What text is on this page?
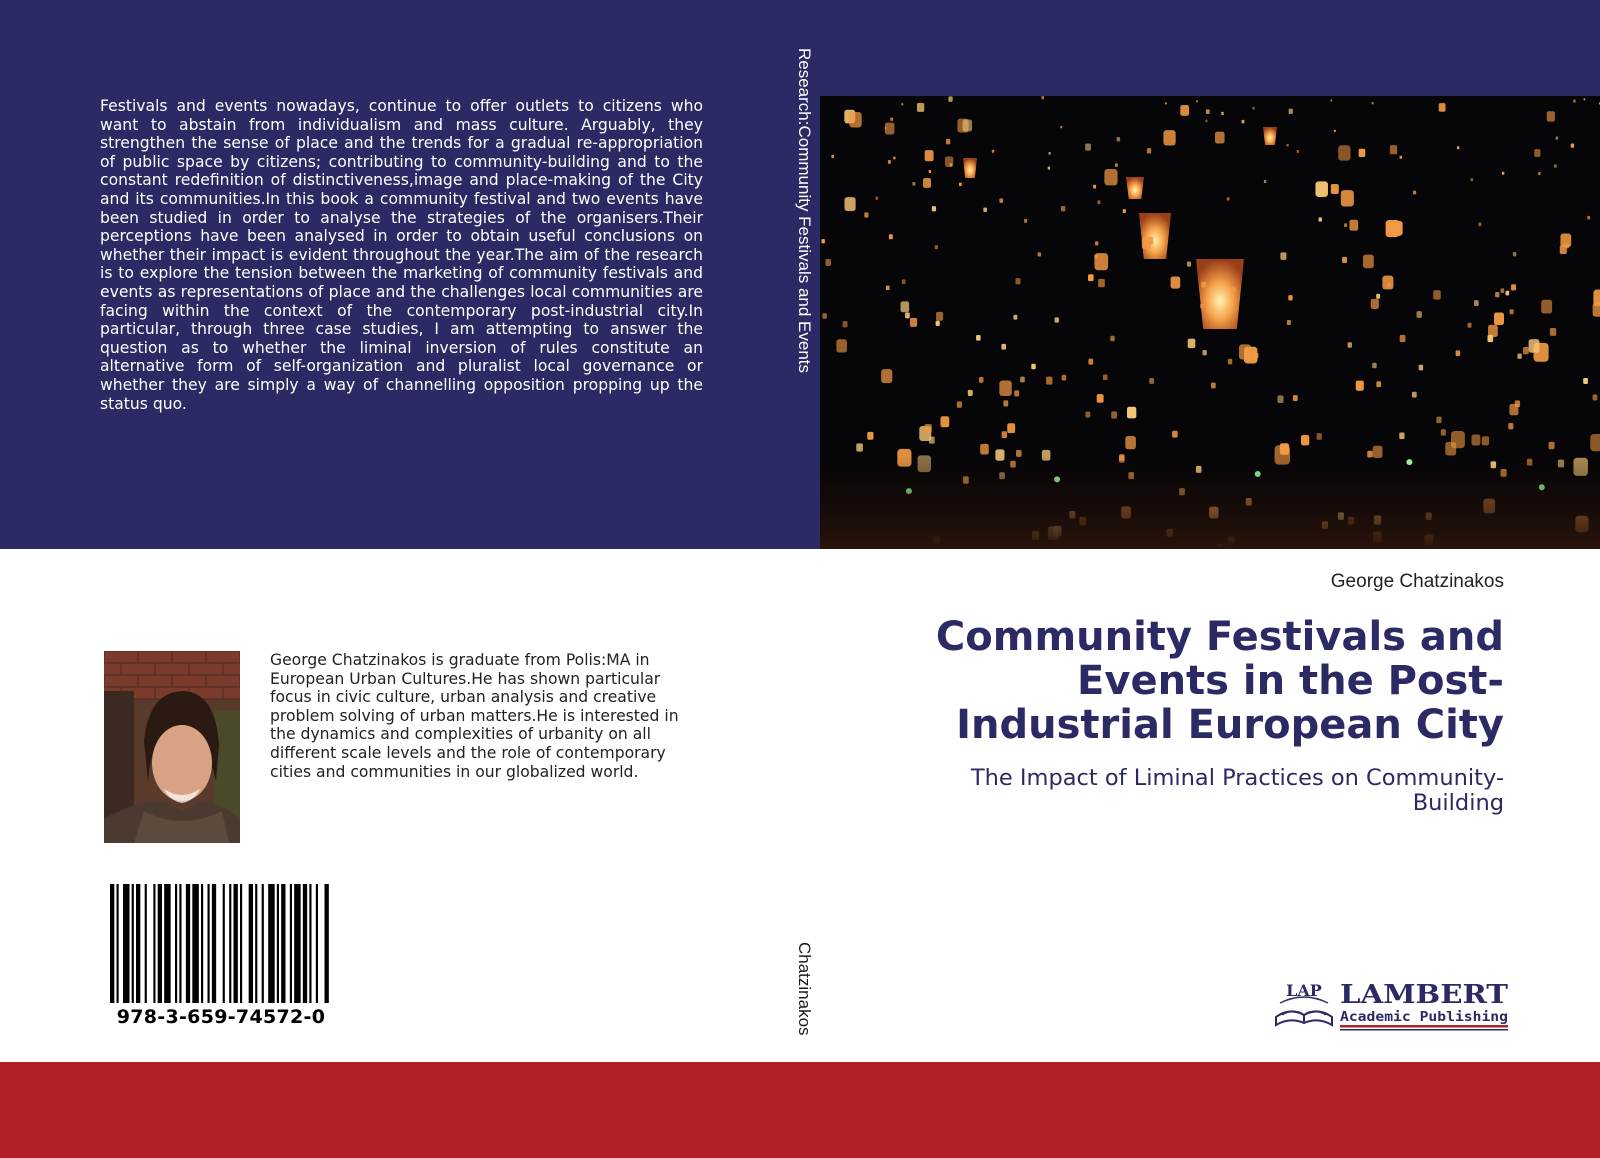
Festivals and events nowadays, continue to offer outlets to citizens who want to abstain from individualism and mass culture. Arguably, they strengthen the sense of place and the trends for a gradual re-appropriation of public space by citizens; contributing to community-building and to the constant redefinition of distinctiveness,image and place-making of the City and its communities.In this book a community festival and two events have been studied in order to analyse the strategies of the organisers.Their perceptions have been analysed in order to obtain useful conclusions on whether their impact is evident throughout the year.The aim of the research is to explore the tension between the marketing of community festivals and events as representations of place and the challenges local communities are facing within the context of the contemporary post-industrial city.In particular, through three case studies, I am attempting to answer the question as to whether the liminal inversion of rules constitute an alternative form of self-organization and pluralist local governance or whether they are simply a way of channelling opposition propping up the status quo.
Research:Community Festivals and Events
Chatzinakos
George Chatzinakos
Community Festivals and Events in the Post-Industrial European City
The Impact of Liminal Practices on Community-Building
George Chatzinakos is graduate from Polis:MA in European Urban Cultures.He has shown particular focus in civic culture, urban analysis and creative problem solving of urban matters.He is interested in the dynamics and complexities of urbanity on all different scale levels and the role of contemporary cities and communities in our globalized world.
978-3-659-74572-0
LAP LAMBERT
Academic Publishing
